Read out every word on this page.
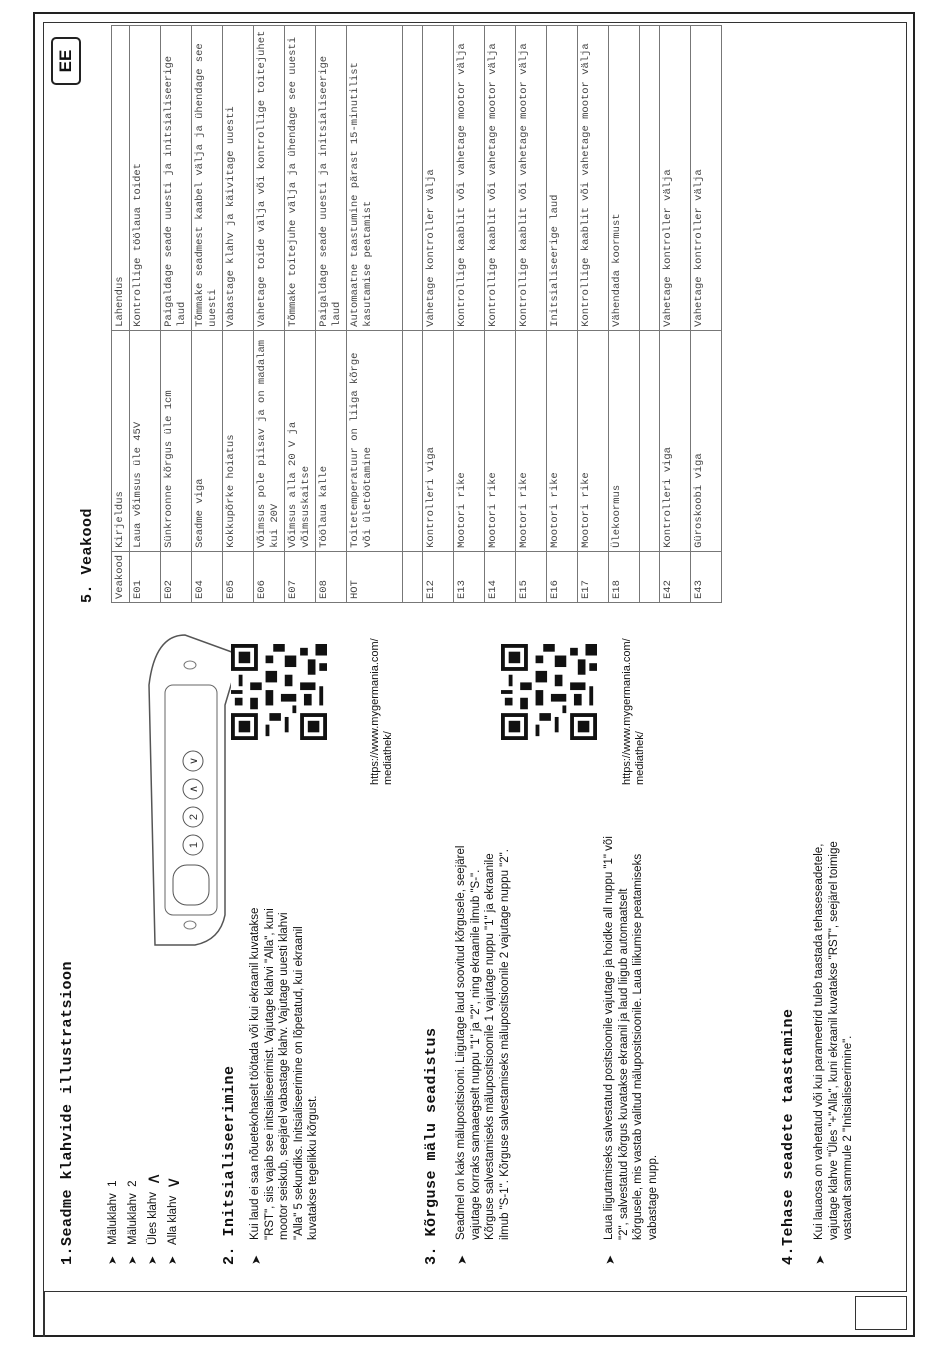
1.Seadme klahvide illustratsioon	➤
Mäluklahv

1
➤
Mäluklahv

2
➤
Üles klahv

∧
➤
Alla klahv

∨
1
2
∧
∨
2. Initsialiseerimine ➤
Kui laud ei saa nõuetekohaselt töötada või kui ekraanil kuvatakse "RST", siis vajab see initsialiseerimist. Vajutage klahvi "Alla", kuni mootor seiskub, seejärel vabastage klahv. Vajutage uuesti klahvi "Alla" 5 sekundiks. Initsialiseerimine on lõpetatud, kui ekraanil kuvatakse tegelikku kõrgust.
https://www.mygermania.com/ mediathek/
3. Kõrguse mälu seadistus ➤
Seadmel on kaks mälupositsiooni. Liigutage laud soovitud kõrgusele, seejärel vajutage korraks samaaegselt nuppu "1" ja "2", ning ekraanile ilmub "S-". Kõrguse salvestamiseks mälupositsioonile 1 vajutage nuppu "1" ja ekraanile ilmub "S-1". Kõrguse salvestamiseks mälupositsioonile 2 vajutage nuppu "2".
➤
Laua liigutamiseks salvestatud positsioonile vajutage ja hoidke all nuppu "1" või "2", salvestatud kõrgus kuvatakse ekraanil ja laud liigub automaatselt kõrgusele, mis vastab valitud mälupositsioonile. Laua liikumise peatamiseks vabastage nupp.
https://www.mygermania.com/ mediathek/
4.Tehase seadete taastamine ➤
Kui lauaosa on vahetatud või kui parameetrid tuleb taastada tehaseseadetele, vajutage klahve "Üles "+"Alla", kuni ekraanil kuvatakse "RST", seejärel toimige vastavalt sammule 2 "Initsialiseerimine".
5. Veakood
EE
Veakood	Kirjeldus	Lahendus
E01	Laua võimsus üle 45V	Kontrollige töölaua toidet
E02	Sünkroonne kõrgus üle 1cm	Paigaldage seade uuesti ja initsialiseerige laud
E04	Seadme viga	Tõmmake seadmest kaabel välja ja ühendage see uuesti
E05	Kokkupõrke hoiatus	Vabastage klahv ja käivitage uuesti
E06	Võimsus pole piisav ja on madalam kui 20V	Vahetage toide välja või kontrollige toitejuhet
E07	Võimsus alla 20 V ja võimsuskaitse	Tõmmake toitejuhe välja ja ühendage see uuesti
E08	Töölaua kalle	Paigaldage seade uuesti ja initsialiseerige laud
HOT	Toitetemperatuur on liiga kõrge või ületöötamine	Automaatne taastumine pärast 15-minutilist kasutamise peatamist

E12	Kontrolleri viga	Vahetage kontroller välja
E13	Mootori rike	Kontrollige kaablit või vahetage mootor välja
E14	Mootori rike	Kontrollige kaablit või vahetage mootor välja
E15	Mootori rike	Kontrollige kaablit või vahetage mootor välja
E16	Mootori rike	Initsialiseerige laud
E17	Mootori rike	Kontrollige kaablit või vahetage mootor välja
E18	Ülekoormus	Vähendada koormust

E42	Kontrolleri viga	Vahetage kontroller välja
E43	Güroskoobi viga	Vahetage kontroller välja
